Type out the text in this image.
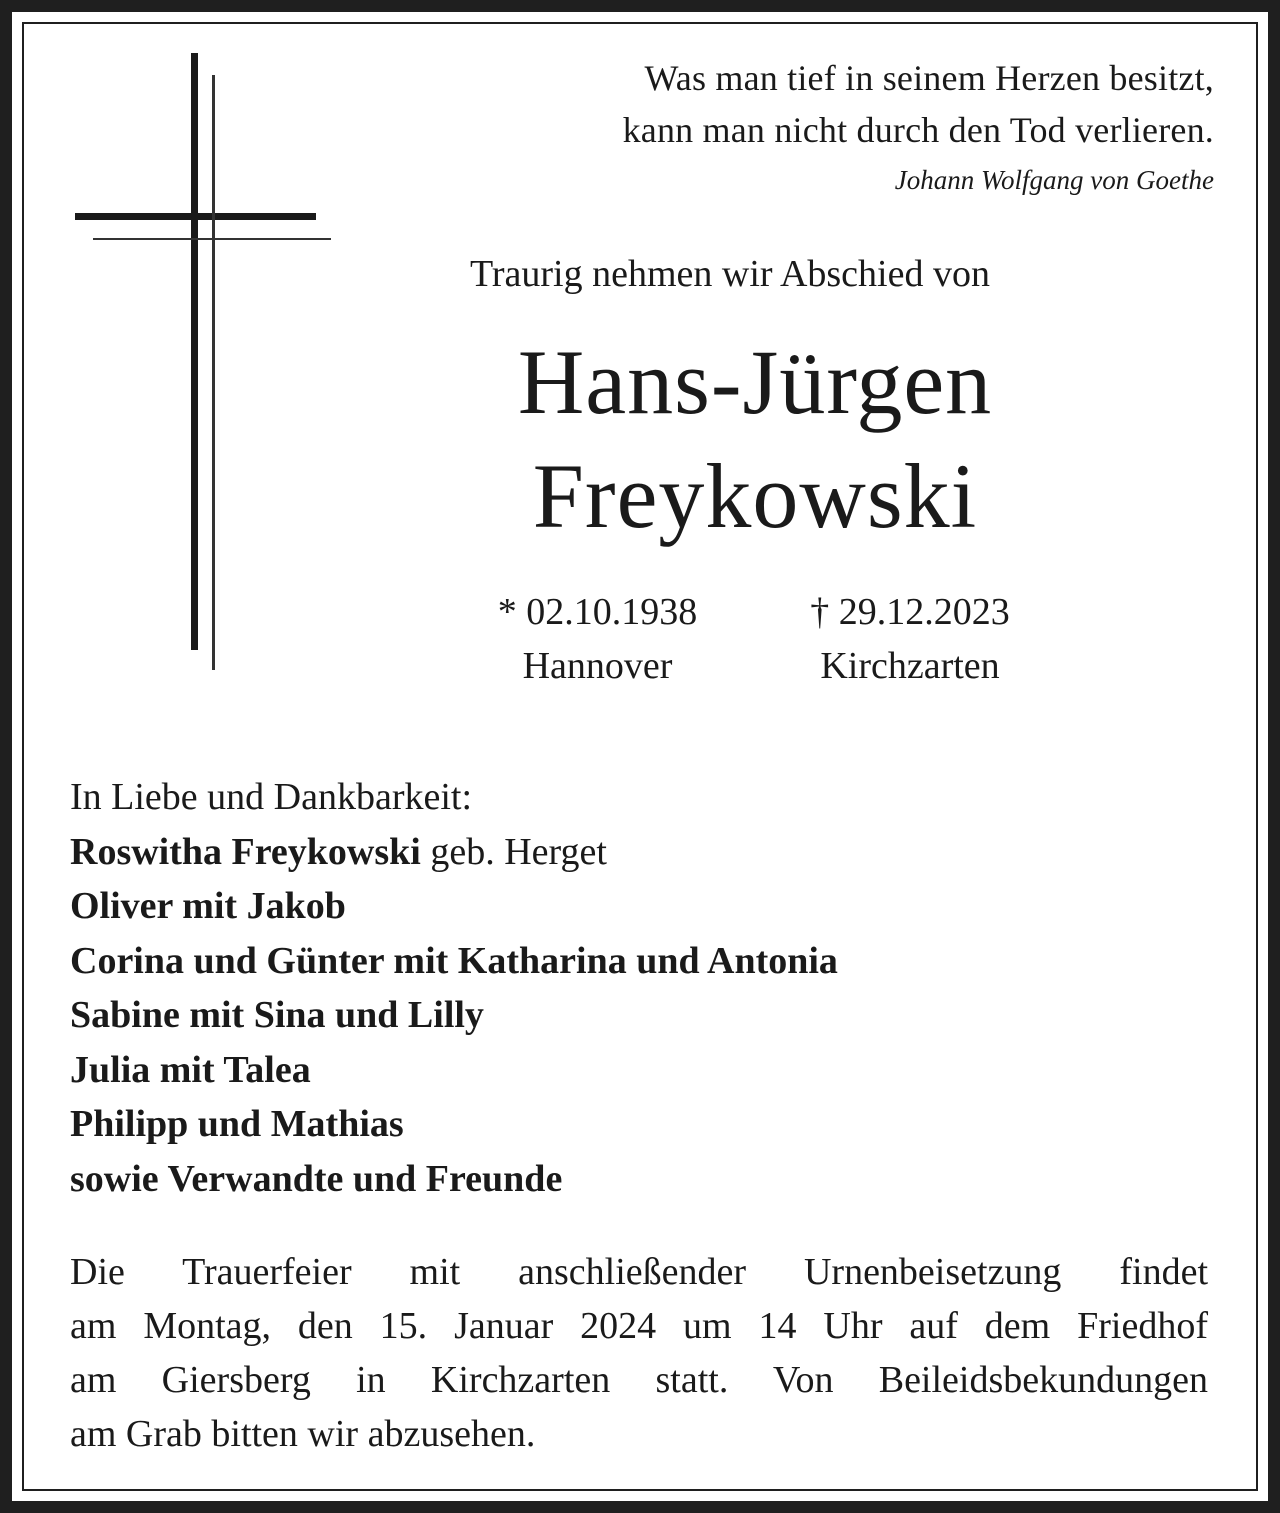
Was man tief in seinem Herzen besitzt,
kann man nicht durch den Tod verlieren.
Johann Wolfgang von Goethe
Traurig nehmen wir Abschied von
Hans-Jürgen
Freykowski
* 02.10.1938
Hannover
† 29.12.2023
Kirchzarten
In Liebe und Dankbarkeit:
Roswitha Freykowski geb. Herget
Oliver mit Jakob
Corina und Günter mit Katharina und Antonia
Sabine mit Sina und Lilly
Julia mit Talea
Philipp und Mathias
sowie Verwandte und Freunde
Die Trauerfeier mit anschließender Urnenbeisetzung findet
am Montag, den 15. Januar 2024 um 14 Uhr auf dem Friedhof
am Giersberg in Kirchzarten statt. Von Beileidsbekundungen
am Grab bitten wir abzusehen.
